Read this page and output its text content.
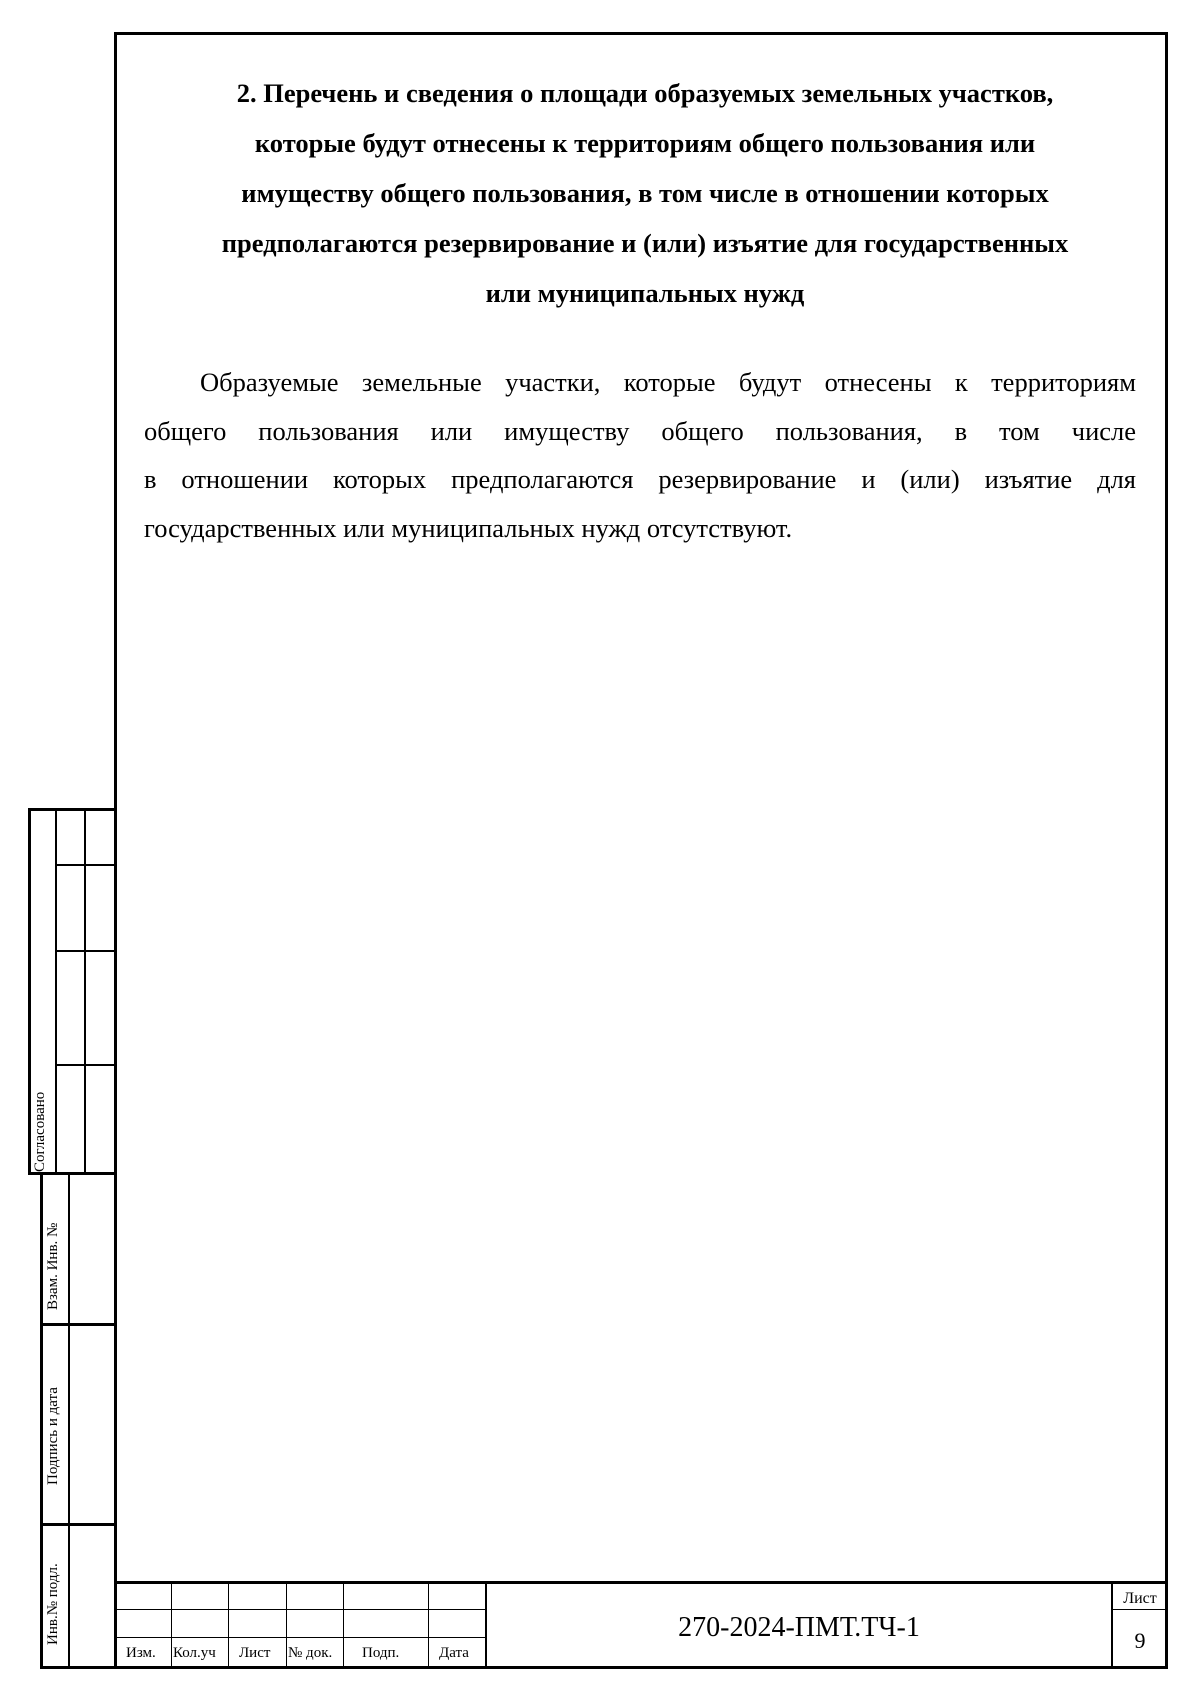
2. Перечень и сведения о площади образуемых земельных участков,
которые будут отнесены к территориям общего пользования или
имуществу общего пользования, в том числе в отношении которых
предполагаются резервирование и (или) изъятие для государственных
или муниципальных нужд
Образуемые земельные участки, которые будут отнесены к территориям
общего пользования или имуществу общего пользования, в том числе
в отношении которых предполагаются резервирование и (или) изъятие для
государственных или муниципальных нужд отсутствуют.
Согласовано
Взам. Инв. №
Подпись и дата
Инв.№ подл.
Изм. Кол.уч Лист № док. Подп.	Дата
270-2024-ПМТ.ТЧ-1
Лист
9
